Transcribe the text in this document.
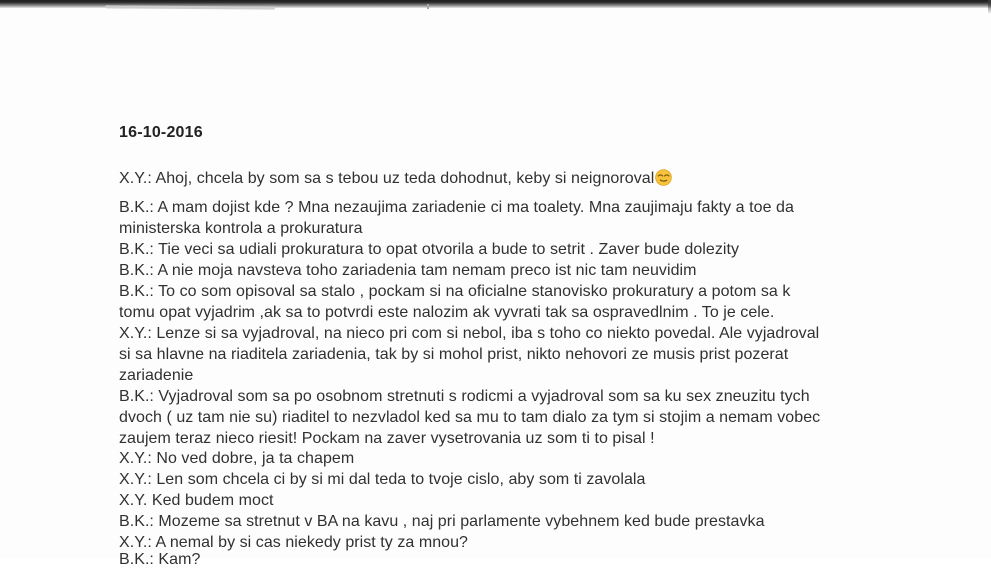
16-10-2016
X.Y.: Ahoj, chcela by som sa s tebou uz teda dohodnut, keby si neignoroval
B.K.: A mam dojist kde ? Mna nezaujima zariadenie ci ma toalety. Mna zaujimaju fakty a toe da
ministerska kontrola a prokuratura
B.K.: Tie veci sa udiali prokuratura to opat otvorila a bude to setrit . Zaver bude dolezity
B.K.: A nie moja navsteva toho zariadenia tam nemam preco ist nic tam neuvidim
B.K.: To co som opisoval sa stalo , pockam si na oficialne stanovisko prokuratury a potom sa k
tomu opat vyjadrim ,ak sa to potvrdi este nalozim ak vyvrati tak sa ospravedlnim . To je cele.
X.Y.: Lenze si sa vyjadroval, na nieco pri com si nebol, iba s toho co niekto povedal. Ale vyjadroval
si sa hlavne na riaditela zariadenia, tak by si mohol prist, nikto nehovori ze musis prist pozerat
zariadenie
B.K.: Vyjadroval som sa po osobnom stretnuti s rodicmi a vyjadroval som sa ku sex zneuzitu tych
dvoch ( uz tam nie su) riaditel to nezvladol ked sa mu to tam dialo za tym si stojim a nemam vobec
zaujem teraz nieco riesit! Pockam na zaver vysetrovania uz som ti to pisal !
X.Y.: No ved dobre, ja ta chapem
X.Y.: Len som chcela ci by si mi dal teda to tvoje cislo, aby som ti zavolala
X.Y. Ked budem moct
B.K.: Mozeme sa stretnut v BA na kavu , naj pri parlamente vybehnem ked bude prestavka
X.Y.: A nemal by si cas niekedy prist ty za mnou?
B.K.: Kam?
